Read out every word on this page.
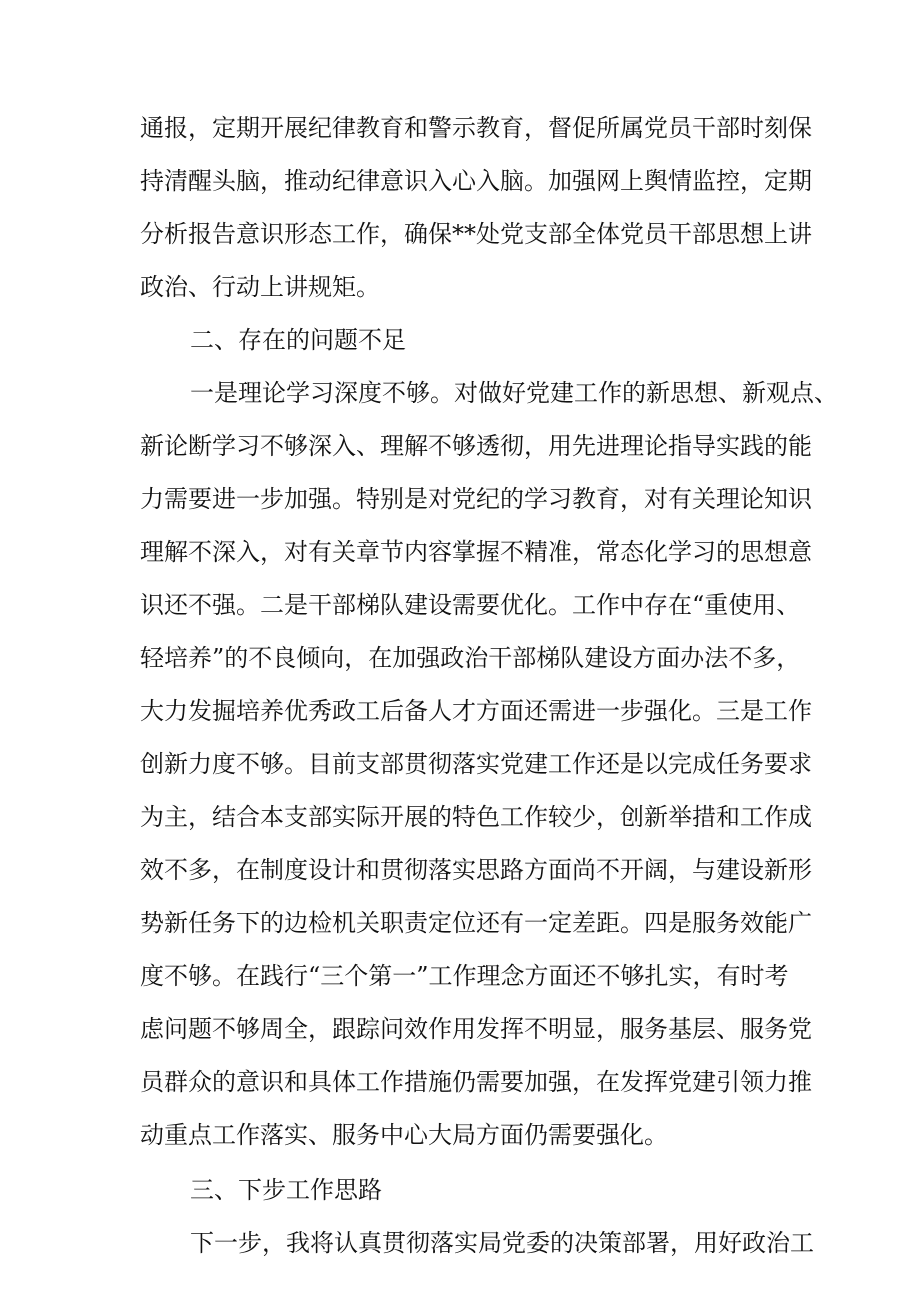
通报，定期开展纪律教育和警示教育，督促所属党员干部时刻保

持清醒头脑，推动纪律意识入心入脑。加强网上舆情监控，定期

分析报告意识形态工作，确保**处党支部全体党员干部思想上讲

政治、行动上讲规矩。

二、存在的问题不足

一是理论学习深度不够。对做好党建工作的新思想、新观点、

新论断学习不够深入、理解不够透彻，用先进理论指导实践的能

力需要进一步加强。特别是对党纪的学习教育，对有关理论知识

理解不深入，对有关章节内容掌握不精准，常态化学习的思想意

识还不强。二是干部梯队建设需要优化。工作中存在“重使用、

轻培养”的不良倾向，在加强政治干部梯队建设方面办法不多，

大力发掘培养优秀政工后备人才方面还需进一步强化。三是工作

创新力度不够。目前支部贯彻落实党建工作还是以完成任务要求

为主，结合本支部实际开展的特色工作较少，创新举措和工作成

效不多，在制度设计和贯彻落实思路方面尚不开阔，与建设新形

势新任务下的边检机关职责定位还有一定差距。四是服务效能广

度不够。在践行“三个第一”工作理念方面还不够扎实，有时考

虑问题不够周全，跟踪问效作用发挥不明显，服务基层、服务党

员群众的意识和具体工作措施仍需要加强，在发挥党建引领力推

动重点工作落实、服务中心大局方面仍需要强化。

三、下步工作思路

下一步，我将认真贯彻落实局党委的决策部署，用好政治工
